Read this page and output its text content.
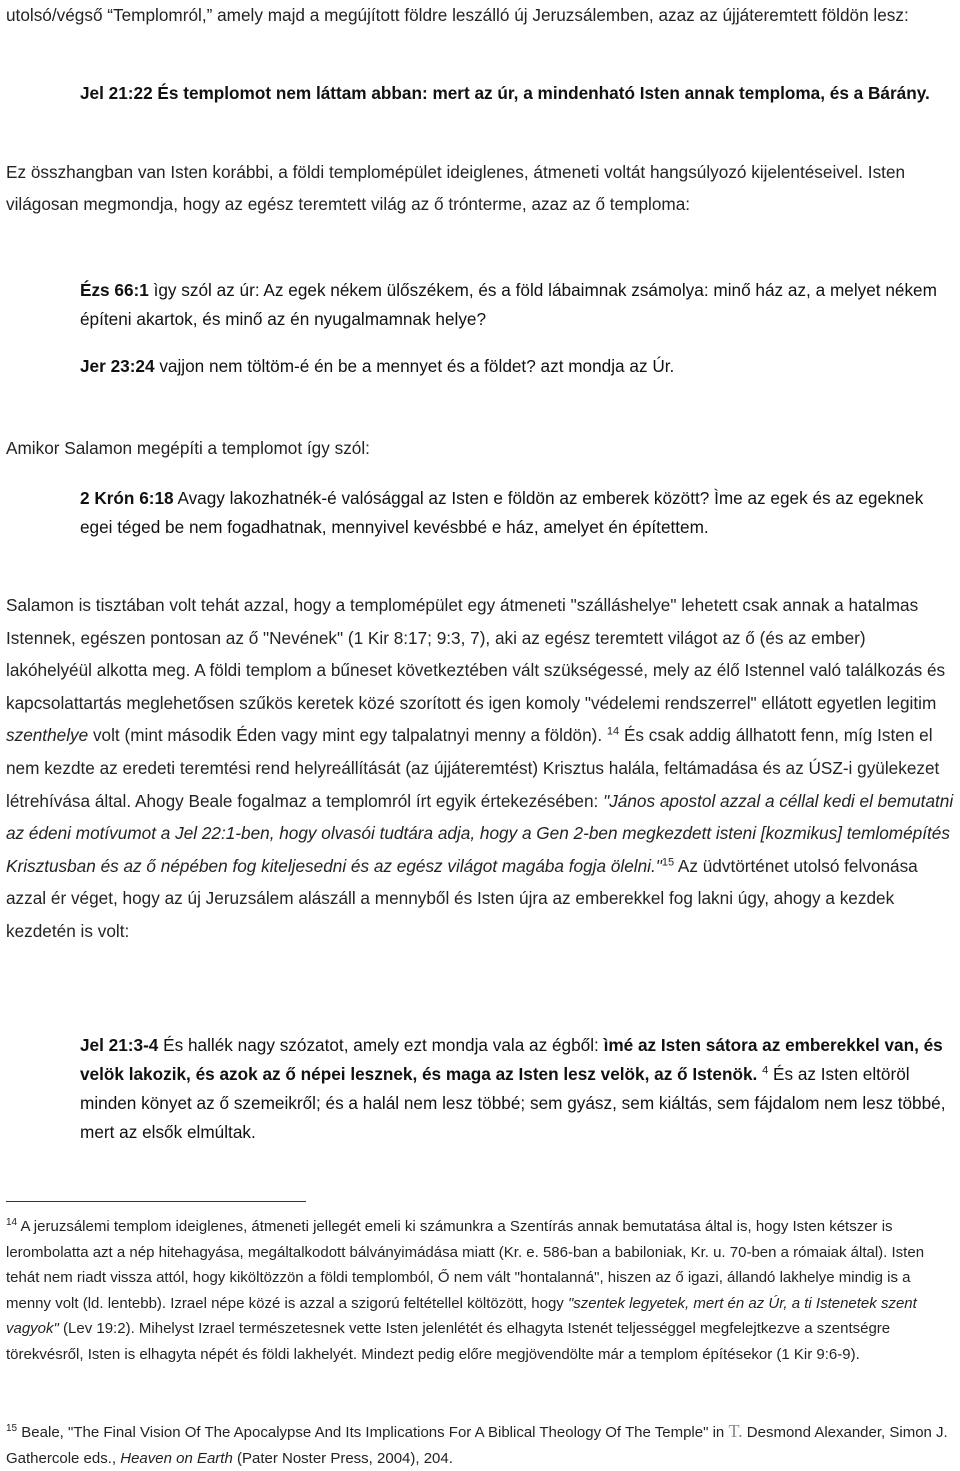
utolsó/végső “Templomról,” amely majd a megújított földre leszálló új Jeruzsálemben, azaz az újjáteremtett földön lesz:

Jel 21:22 És templomot nem láttam abban: mert az úr, a mindenható Isten annak temploma, és a Bárány.

Ez összhangban van Isten korábbi, a földi templomépület ideiglenes, átmeneti voltát hangsúlyozó kijelentéseivel. Isten világosan megmondja, hogy az egész teremtett világ az ő trónterme, azaz az ő temploma:

Ézs 66:1 ìgy szól az úr: Az egek nékem ülőszékem, és a föld lábaimnak zsámolya: minő ház az, a melyet nékem építeni akartok, és minő az én nyugalmamnak helye?

Jer 23:24 vajjon nem töltöm-é én be a mennyet és a földet? azt mondja az Úr.

Amikor Salamon megépíti a templomot így szól:

2 Krón 6:18 Avagy lakozhatnék-é valósággal az Isten e földön az emberek között? Ìme az egek és az egeknek egei téged be nem fogadhatnak, mennyivel kevésbbé e ház, amelyet én építettem.

Salamon is tisztában volt tehát azzal, hogy a templomépület egy átmeneti "szálláshelye" lehetett csak annak a hatalmas Istennek, egészen pontosan az ő "Nevének" (1 Kir 8:17; 9:3, 7), aki az egész teremtett világot az ő (és az ember) lakóhelyéül alkotta meg. A földi templom a bűneset következtében vált szükségessé, mely az élő Istennel való találkozás és kapcsolattartás meglehetősen szűkös keretek közé szorított és igen komoly "védelemi rendszerrel" ellátott egyetlen legitim szenthelye volt (mint második Éden vagy mint egy talpalatnyi menny a földön). $^{14}$ És csak addig állhatott fenn, míg Isten el nem kezdte az eredeti teremtési rend helyreállítását (az újjáteremtést) Krisztus halála, feltámadása és az ÚSZ-i gyülekezet létrehívása által. Ahogy Beale fogalmaz a templomról írt egyik értekezésében: "János apostol azzal a céllal kedi el bemutatni az édeni motívumot a Jel 22:1-ben, hogy olvasói tudtára adja, hogy a Gen 2-ben megkezdett isteni [kozmikus] temlomépítés Krisztusban és az ő népében fog kiteljesedni és az egész világot magába fogja ölelni."$^{15}$ Az üdvtörténet utolsó felvonása azzal ér véget, hogy az új Jeruzsálem alászáll a mennyből és Isten újra az emberekkel fog lakni úgy, ahogy a kezdek kezdetén is volt:

Jel 21:3-4 És hallék nagy szózatot, amely ezt mondja vala az égből: ìmé az Isten sátora az emberekkel van, és velök lakozik, és azok az ő népei lesznek, és maga az Isten lesz velök, az ő Istenök. $^4$ És az Isten eltöröl minden könyet az ő szemeikről; és a halál nem lesz többé; sem gyász, sem kiáltás, sem fájdalom nem lesz többé, mert az elsők elmúltak.

$^{14}$ A jeruzsálemi templom ideiglenes, átmeneti jellegét emeli ki számunkra a Szentírás annak bemutatása által is, hogy Isten kétszer is lerombolatta azt a nép hitehagyása, megáltalkodott bálványimádása miatt (Kr. e. 586-ban a babiloniak, Kr. u. 70-ben a rómaiak által). Isten tehát nem riadt vissza attól, hogy kiköltözzön a földi templomból, Ő nem vált "hontalanná", hiszen az ő igazi, állandó lakhelye mindig is a menny volt (ld. lentebb). Izrael népe közé is azzal a szigorú feltétellel költözött, hogy "szentek legyetek, mert én az Úr, a ti Istenetek szent vagyok" (Lev 19:2). Mihelyst Izrael természetesnek vette Isten jelenlétét és elhagyta Istenét teljességgel megfelejtkezve a szentségre törekvésről, Isten is elhagyta népét és földi lakhelyét. Mindezt pedig előre megjövendölte már a templom építésekor (1 Kir 9:6-9).

$^{15}$ Beale, "The Final Vision Of The Apocalypse And Its Implications For A Biblical Theology Of The Temple" in T. Desmond Alexander, Simon J. Gathercole eds., Heaven on Earth (Pater Noster Press, 2004), 204.
